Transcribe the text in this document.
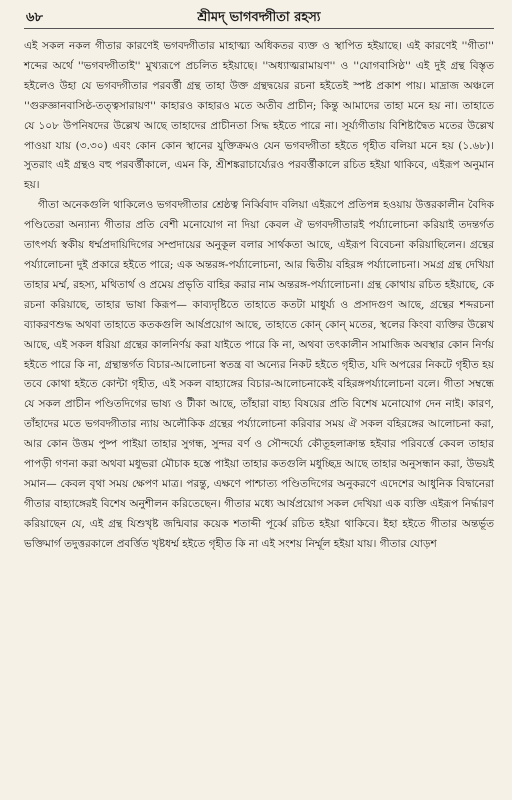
৬৮	শ্রীমদ্ ভাগবদ্গীতা রহস্য

এই সকল নকল গীতার কারণেই ভগবদ্গীতার মাহাত্ম্য অধিকতর ব্যক্ত ও স্থাপিত হইয়াছে। এই কারণেই ''গীতা'' শব্দের অর্থে ''ভগবদ্গীতাই'' মুখ্যরূপে প্রচলিত হইয়াছে। ''অধ্যাত্মরামায়ণ'' ও ''যোগবাসিষ্ঠ'' এই দুই গ্রন্থ বিস্তৃত হইলেও উহা যে ভগবদ্গীতার পরবর্ত্তী গ্রন্থ তাহা উক্ত গ্রন্থদ্বয়ের রচনা হইতেই স্পষ্ট প্রকাশ পায়। মাদ্রাজ অঞ্চলে ''গুরুজ্ঞানবাসিষ্ঠ-তত্ত্বসারায়ণ'' কাহারও কাহারও মতে অতীব প্রাচীন; কিন্তু আমাদের তাহা মনে হয় না। তাহাতে যে ১০৮ উপনিষদের উল্লেখ আছে তাহাদের প্রাচীনতা সিদ্ধ হইতে পারে না। সূর্য্যগীতায় বিশিষ্টাদ্বৈত মতের উল্লেখ পাওয়া যায় (৩.৩০) এবং কোন কোন স্থানের যুক্তিক্রমও যেন ভগবদ্গীতা হইতে গৃহীত বলিয়া মনে হয় (১.৬৮)। সুতরাং এই গ্রন্থও বহু পরবর্ত্তীকালে, এমন কি, শ্রীশঙ্করাচার্য্যেরও পরবর্ত্তীকালে রচিত হইয়া থাকিবে, এইরূপ অনুমান হয়।

গীতা অনেকগুলি থাকিলেও ভগবদ্গীতার শ্রেষ্ঠত্ব নির্ব্বিবাদ বলিয়া এইরূপে প্রতিপন্ন হওয়ায় উত্তরকালীন বৈদিক পণ্ডিতেরা অন্যান্য গীতার প্রতি বেশী মনোযোগ না দিয়া কেবল ঐ ভগবদ্গীতারই পর্য্যালোচনা করিয়াই তদন্তর্গত তাৎপর্য্য স্বকীয় ধর্ম্মপ্রদায়িদিগের সম্প্রদায়ের অনুকূল বলার সার্থকতা আছে, এইরূপ বিবেচনা করিয়াছিলেন। গ্রন্থের পর্য্যালোচনা দুই প্রকারে হইতে পারে; এক অন্তরঙ্গ-পর্য্যালোচনা, আর দ্বিতীয় বহিরঙ্গ পর্য্যালোচনা। সমগ্র গ্রন্থ দেখিয়া তাহার মর্ম্ম, রহস্য, মথিতার্থ ও প্রমেয় প্রভৃতি বাহির করার নাম অন্তরঙ্গ-পর্য্যালোচনা। গ্রন্থ কোথায় রচিত হইয়াছে, কে রচনা করিয়াছে, তাহার ভাষা কিরূপ— কাব্যদৃষ্টিতে তাহাতে কতটা মাধুর্য্য ও প্রসাদগুণ আছে, গ্রন্থের শব্দরচনা ব্যাকরণশুদ্ধ অথবা তাহাতে কতকগুলি আর্ষপ্রয়োগ আছে, তাহাতে কোন্ কোন্ মতের, স্থলের কিংবা ব্যক্তির উল্লেখ আছে, এই সকল ধরিয়া গ্রন্থের কালনির্ণয় করা যাইতে পারে কি না, অথবা তৎকালীন সামাজিক অবস্থার কোন নির্ণয় হইতে পারে কি না, গ্রন্থান্তর্গত বিচার-আলোচনা স্বতন্ত্র বা অন্যের নিকট হইতে গৃহীত, যদি অপরের নিকটে গৃহীত হয় তবে কোথা হইতে কোন্টা গৃহীত, এই সকল বাহ্যাঙ্গের বিচার-আলোচনাকেই বহিরঙ্গপর্য্যালোচনা বলে। গীতা সম্বন্ধে যে সকল প্রাচীন পণ্ডিতদিগের ভাষ্য ও টীকা আছে, তাঁহারা বাহ্য বিষয়ের প্রতি বিশেষ মনোযোগ দেন নাই। কারণ, তাঁহাদের মতে ভগবদ্গীতার ন্যায় অলৌকিক গ্রন্থের পর্য্যালোচনা করিবার সময় ঐ সকল বহিরঙ্গের আলোচনা করা, আর কোন উত্তম পুষ্প পাইয়া তাহার সুগন্ধ, সুন্দর বর্ণ ও সৌন্দর্য্যে কৌতূহলাক্রান্ত হইবার পরিবর্ত্তে কেবল তাহার পাপড়ী গণনা করা অথবা মধুভরা মৌচাক হস্তে পাইয়া তাহার কতগুলি মধুচ্ছিদ্র আছে তাহার অনুসন্ধান করা, উভয়ই সমান— কেবল বৃথা সময় ক্ষেপণ মাত্র। পরন্তু, এক্ষণে পাশ্চাত্য পণ্ডিতদিগের অনুকরণে এদেশের আধুনিক বিদ্বানেরা গীতার বাহ্যাঙ্গেরই বিশেষ অনুশীলন করিতেছেন। গীতার মধ্যে আর্ষপ্রয়োগ সকল দেখিয়া এক ব্যক্তি এইরূপ নির্দ্ধারণ করিয়াছেন যে, এই গ্রন্থ যিশুখৃষ্ট জন্মিবার কয়েক শতাব্দী পূর্ব্বে রচিত হইয়া থাকিবে। ইহা হইতে গীতার অন্তর্ভূত ভক্তিমার্গ তদুত্তরকালে প্রবর্ত্তিত খৃষ্টধর্ম্ম হইতে গৃহীত কি না এই সংশয় নির্ম্মূল হইয়া যায়। গীতার যোড়শ
